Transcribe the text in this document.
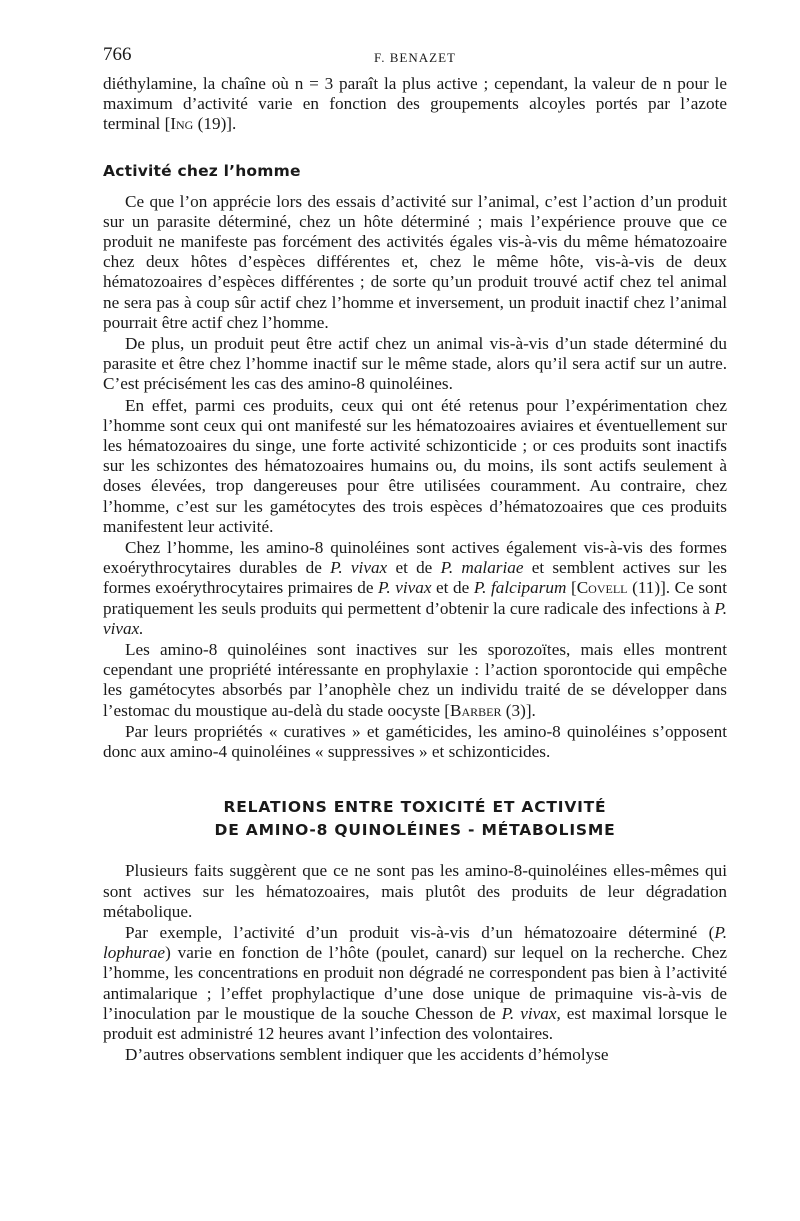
766	F. BENAZET

diéthylamine, la chaîne où n = 3 paraît la plus active ; cependant, la valeur de n pour le maximum d’activité varie en fonction des groupements alcoyles portés par l’azote terminal [Ing (19)].

Activité chez l’homme

Ce que l’on apprécie lors des essais d’activité sur l’animal, c’est l’action d’un produit sur un parasite déterminé, chez un hôte déterminé ; mais l’expérience prouve que ce produit ne manifeste pas forcément des activités égales vis-à-vis du même hématozoaire chez deux hôtes d’espèces différentes et, chez le même hôte, vis-à-vis de deux hématozoaires d’espèces différentes ; de sorte qu’un produit trouvé actif chez tel animal ne sera pas à coup sûr actif chez l’homme et inversement, un produit inactif chez l’animal pourrait être actif chez l’homme.

De plus, un produit peut être actif chez un animal vis-à-vis d’un stade déterminé du parasite et être chez l’homme inactif sur le même stade, alors qu’il sera actif sur un autre. C’est précisément les cas des amino-8 quinoléines.

En effet, parmi ces produits, ceux qui ont été retenus pour l’expérimentation chez l’homme sont ceux qui ont manifesté sur les hématozoaires aviaires et éventuellement sur les hématozoaires du singe, une forte activité schizonticide ; or ces produits sont inactifs sur les schizontes des hématozoaires humains ou, du moins, ils sont actifs seulement à doses élevées, trop dangereuses pour être utilisées couramment. Au contraire, chez l’homme, c’est sur les gamétocytes des trois espèces d’hématozoaires que ces produits manifestent leur activité.

Chez l’homme, les amino-8 quinoléines sont actives également vis-à-vis des formes exoérythrocytaires durables de P. vivax et de P. malariae et semblent actives sur les formes exoérythrocytaires primaires de P. vivax et de P. falciparum [Covell (11)]. Ce sont pratiquement les seuls produits qui permettent d’obtenir la cure radicale des infections à P. vivax.

Les amino-8 quinoléines sont inactives sur les sporozoïtes, mais elles montrent cependant une propriété intéressante en prophylaxie : l’action sporontocide qui empêche les gamétocytes absorbés par l’anophèle chez un individu traité de se développer dans l’estomac du moustique au-delà du stade oocyste [Barber (3)].

Par leurs propriétés « curatives » et gaméticides, les amino-8 quinoléines s’opposent donc aux amino-4 quinoléines « suppressives » et schizonticides.

RELATIONS ENTRE TOXICITÉ ET ACTIVITÉ
DE AMINO-8 QUINOLÉINES - MÉTABOLISME

Plusieurs faits suggèrent que ce ne sont pas les amino-8-quinoléines elles-mêmes qui sont actives sur les hématozoaires, mais plutôt des produits de leur dégradation métabolique.

Par exemple, l’activité d’un produit vis-à-vis d’un hématozoaire déterminé (P. lophurae) varie en fonction de l’hôte (poulet, canard) sur lequel on la recherche. Chez l’homme, les concentrations en produit non dégradé ne correspondent pas bien à l’activité antimalarique ; l’effet prophylactique d’une dose unique de primaquine vis-à-vis de l’inoculation par le moustique de la souche Chesson de P. vivax, est maximal lorsque le produit est administré 12 heures avant l’infection des volontaires.

D’autres observations semblent indiquer que les accidents d’hémolyse
